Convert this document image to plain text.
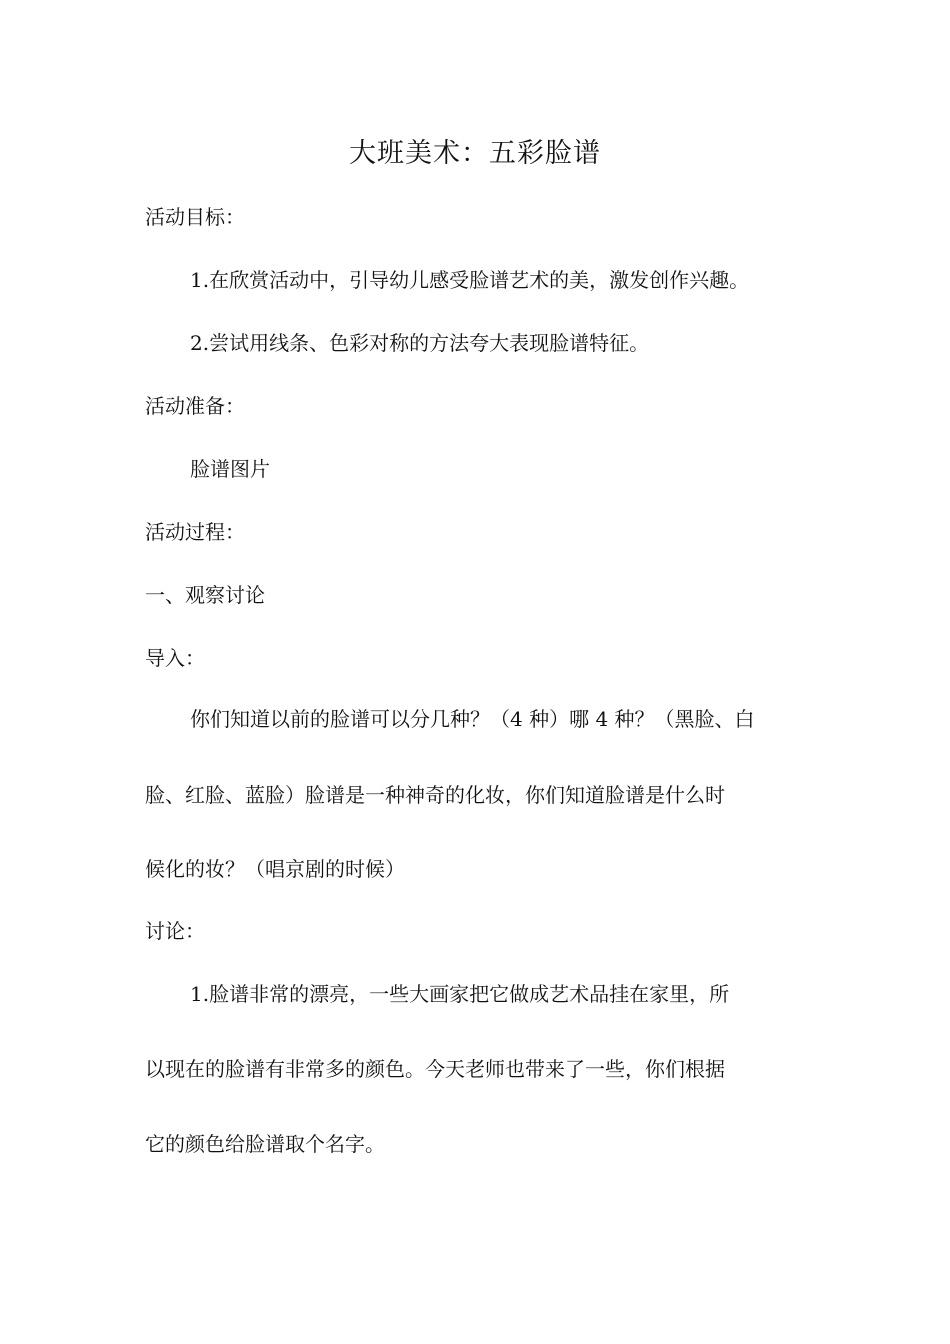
大班美术：五彩脸谱

活动目标：

1.在欣赏活动中，引导幼儿感受脸谱艺术的美，激发创作兴趣。

2.尝试用线条、色彩对称的方法夸大表现脸谱特征。

活动准备：

脸谱图片

活动过程：

一、观察讨论

导入：

你们知道以前的脸谱可以分几种？（4 种）哪 4 种？（黑脸、白

脸、红脸、蓝脸）脸谱是一种神奇的化妆，你们知道脸谱是什么时

候化的妆？（唱京剧的时候）

讨论：

1.脸谱非常的漂亮，一些大画家把它做成艺术品挂在家里，所

以现在的脸谱有非常多的颜色。今天老师也带来了一些，你们根据

它的颜色给脸谱取个名字。
